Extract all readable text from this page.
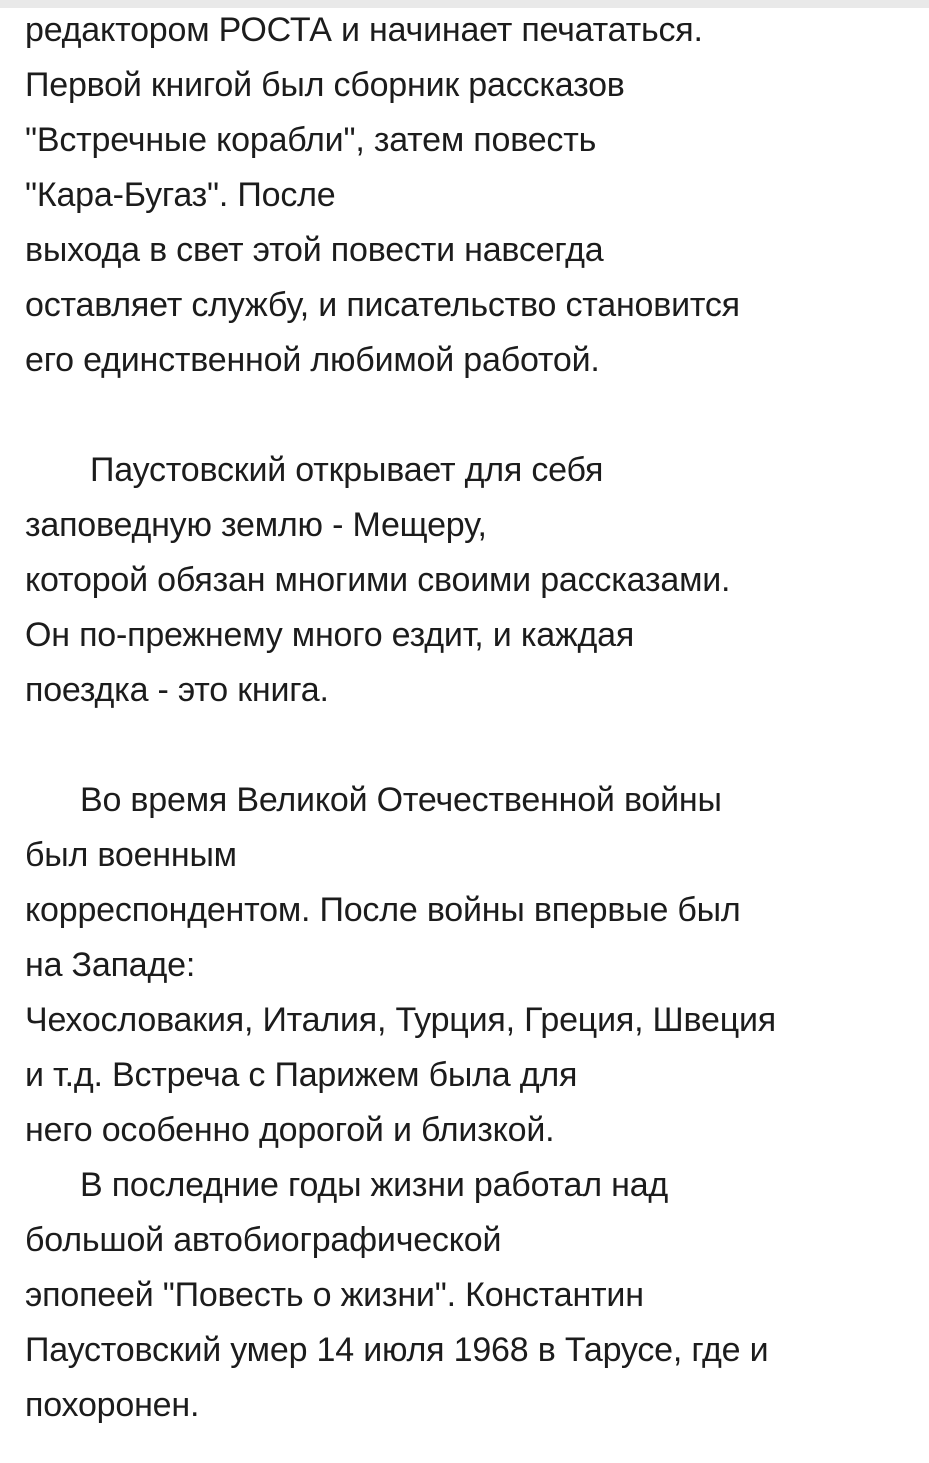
редакторoм РОСТА и начинает печататься.
Первой книгой был сборник рассказов
"Встречные корабли", затем повесть
"Кара-Бугаз". После
выхода в свет этой повести навсегда
оставляет службу, и писательство становится
его единственной любимой работой.
Паустовский открывает для себя
заповедную землю - Мещеру,
которой обязан многими своими рассказами.
Он по-прежнему много ездит, и каждая
поездка - это книга.
Во время Великой Отечественной войны
был военным
корреспондентом. После войны впервые был
на Западе:
Чехословакия, Италия, Турция, Греция, Швеция
и т.д. Встреча с Парижем была для
него особенно дорогой и близкой.
В последние годы жизни работал над
большой автобиографической
эпопеей "Повесть о жизни". Константин
Паустовский умер 14 июля 1968 в Тарусе, где и
похоронен.
